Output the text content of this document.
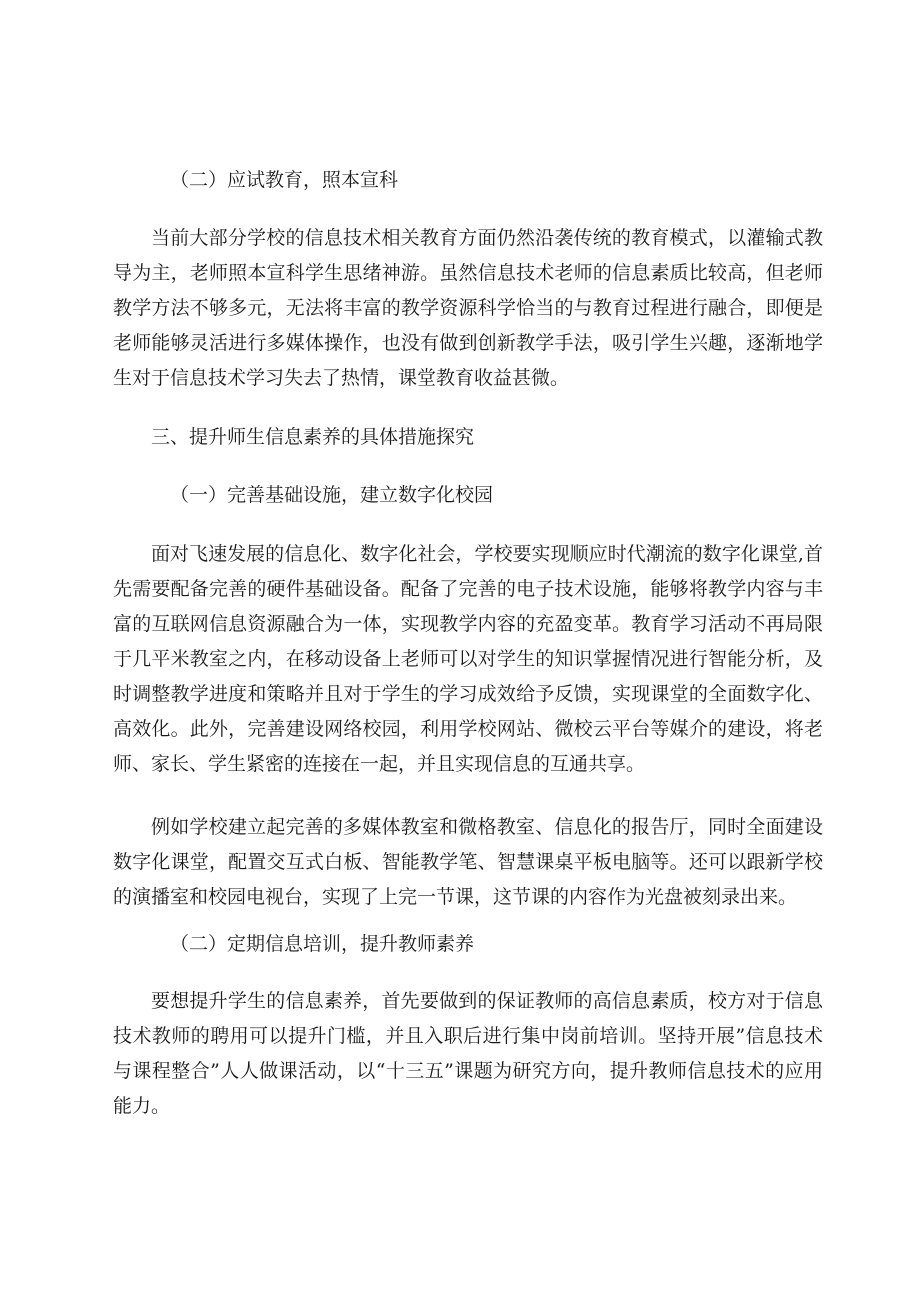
（二）应试教育，照本宣科

当前大部分学校的信息技术相关教育方面仍然沿袭传统的教育模式，以灌输式教导为主，老师照本宣科学生思绪神游。虽然信息技术老师的信息素质比较高，但老师教学方法不够多元，无法将丰富的教学资源科学恰当的与教育过程进行融合，即便是老师能够灵活进行多媒体操作，也没有做到创新教学手法，吸引学生兴趣，逐渐地学生对于信息技术学习失去了热情，课堂教育收益甚微。

三、提升师生信息素养的具体措施探究

（一）完善基础设施，建立数字化校园

面对飞速发展的信息化、数字化社会，学校要实现顺应时代潮流的数字化课堂,首先需要配备完善的硬件基础设备。配备了完善的电子技术设施，能够将教学内容与丰富的互联网信息资源融合为一体，实现教学内容的充盈变革。教育学习活动不再局限于几平米教室之内，在移动设备上老师可以对学生的知识掌握情况进行智能分析，及时调整教学进度和策略并且对于学生的学习成效给予反馈，实现课堂的全面数字化、高效化。此外，完善建设网络校园，利用学校网站、微校云平台等媒介的建设，将老师、家长、学生紧密的连接在一起，并且实现信息的互通共享。

例如学校建立起完善的多媒体教室和微格教室、信息化的报告厅，同时全面建设数字化课堂，配置交互式白板、智能教学笔、智慧课桌平板电脑等。还可以跟新学校的演播室和校园电视台，实现了上完一节课，这节课的内容作为光盘被刻录出来。

（二）定期信息培训，提升教师素养

要想提升学生的信息素养，首先要做到的保证教师的高信息素质，校方对于信息技术教师的聘用可以提升门槛，并且入职后进行集中岗前培训。坚持开展”信息技术与课程整合”人人做课活动，以“十三五”课题为研究方向，提升教师信息技术的应用能力。
